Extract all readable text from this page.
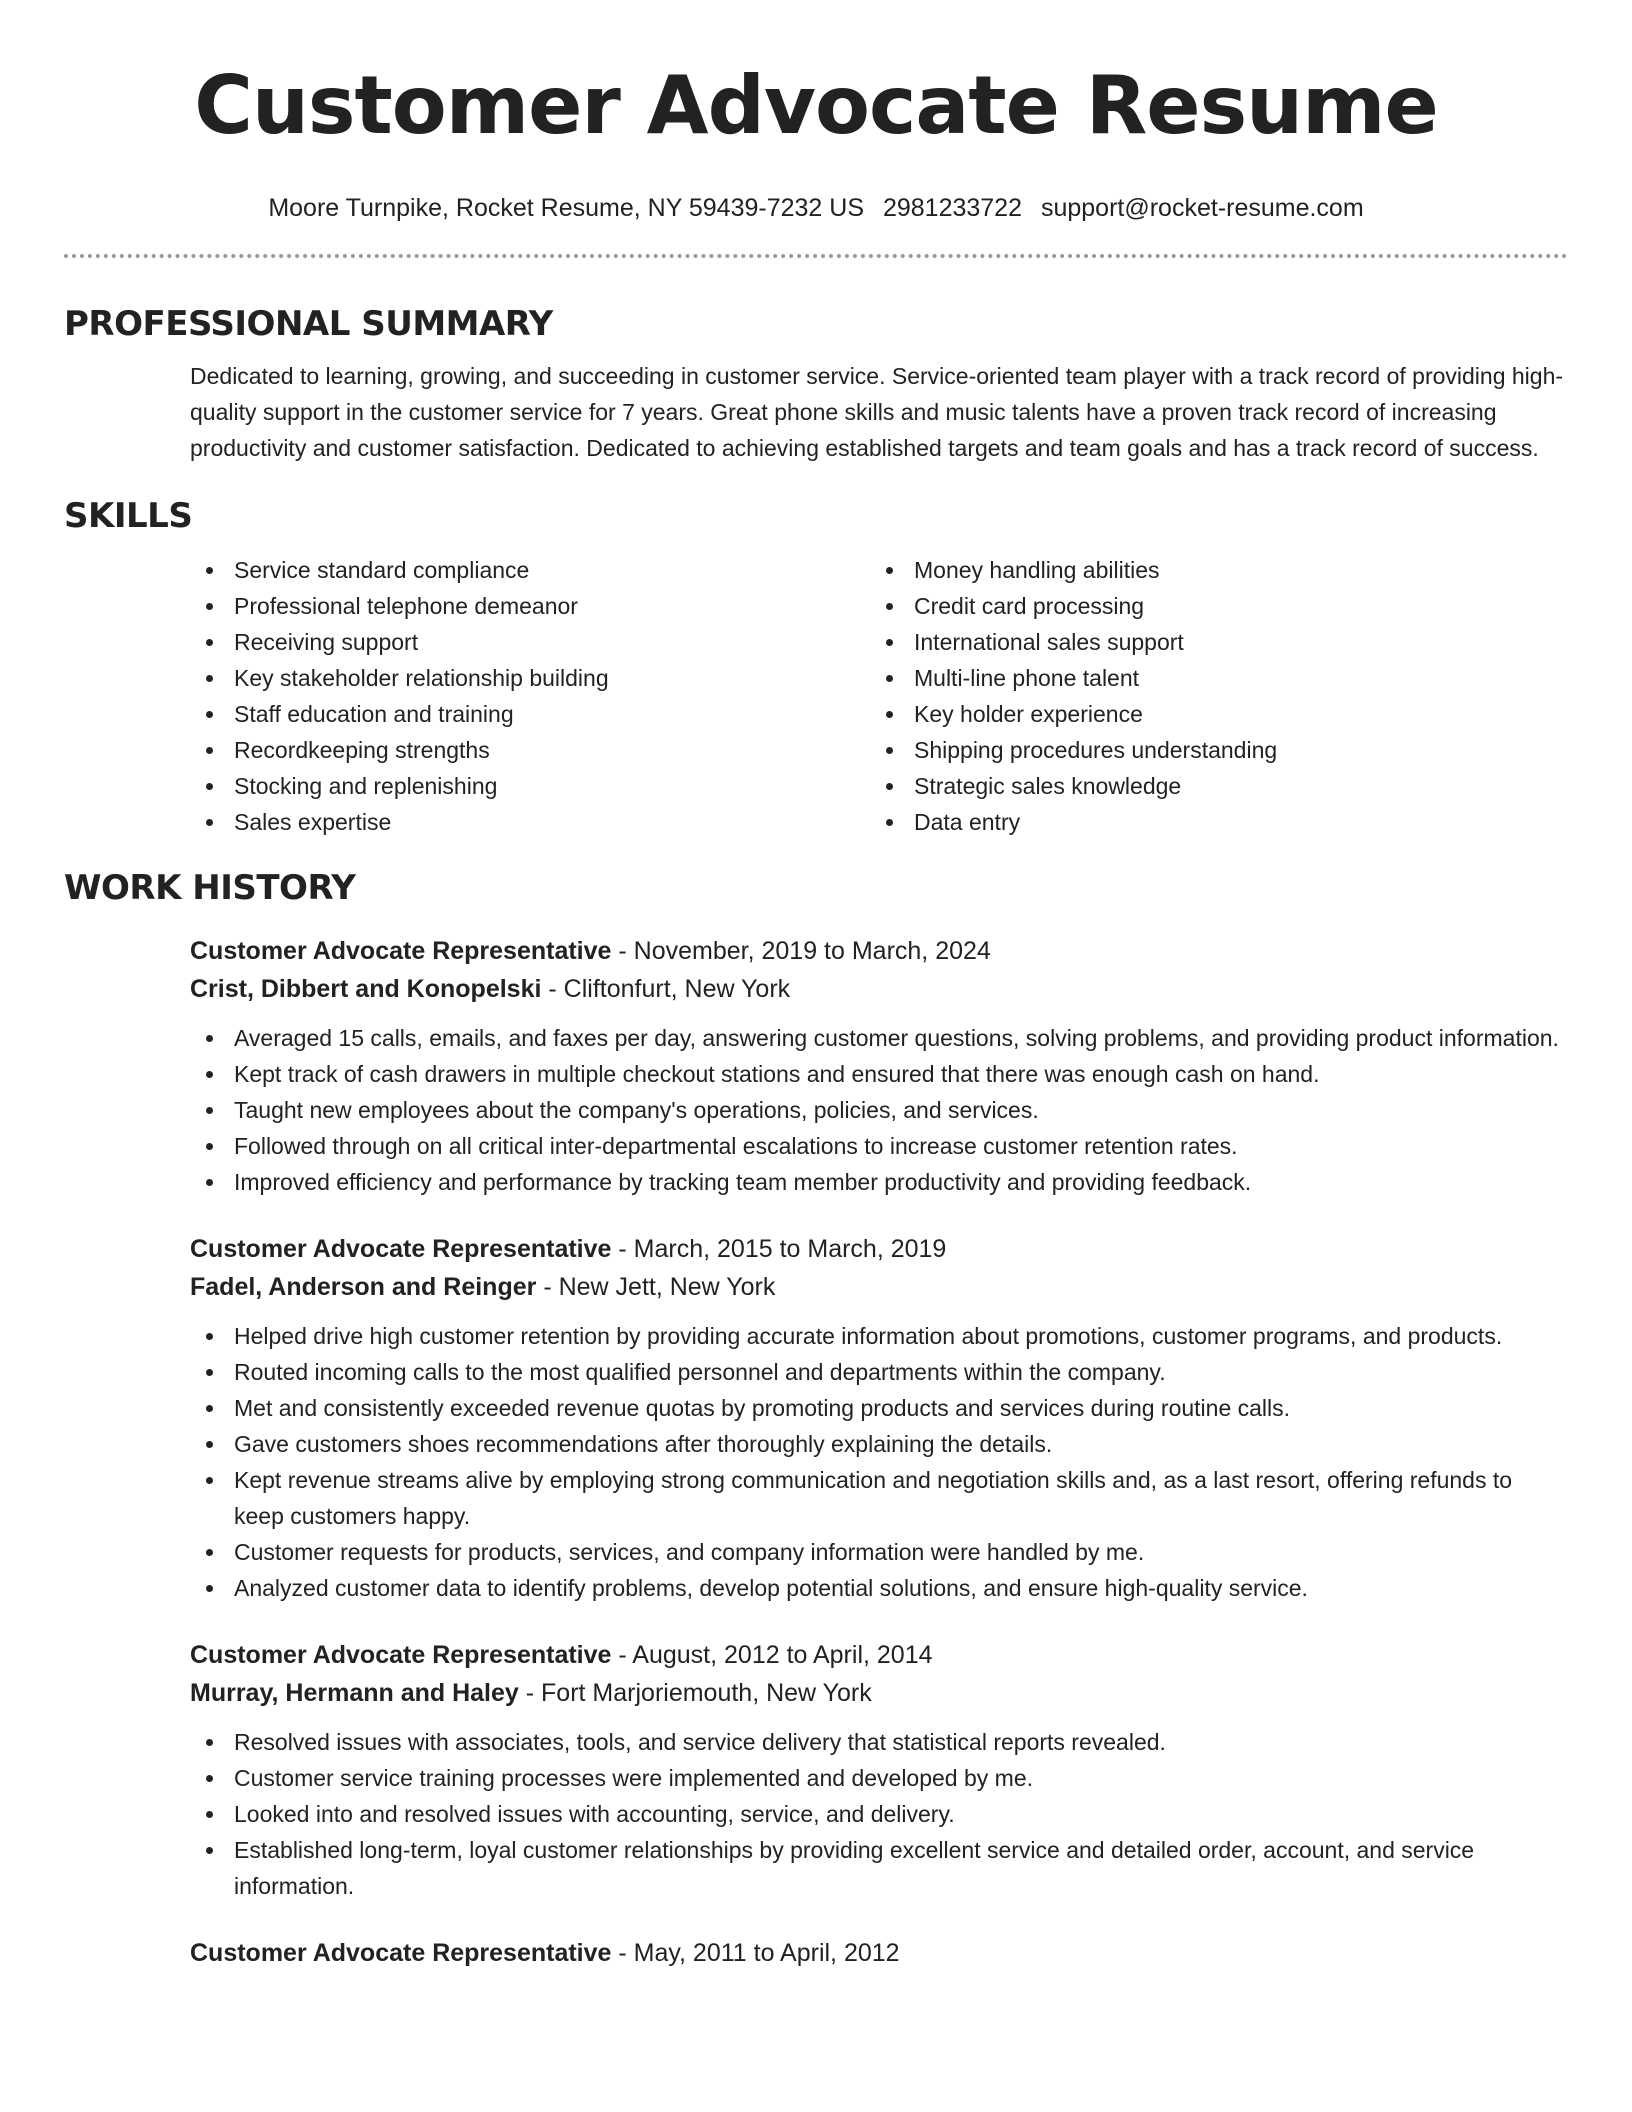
Customer Advocate Resume
Moore Turnpike, Rocket Resume, NY 59439-7232 US 2981233722 support@rocket-resume.com
PROFESSIONAL SUMMARY

Dedicated to learning, growing, and succeeding in customer service. Service-oriented team player with a track record of providing high-quality support in the customer service for 7 years. Great phone skills and music talents have a proven track record of increasing productivity and customer satisfaction. Dedicated to achieving established targets and team goals and has a track record of success.

SKILLS
Service standard compliance
Professional telephone demeanor
Receiving support
Key stakeholder relationship building
Staff education and training
Recordkeeping strengths
Stocking and replenishing
Sales expertise
Money handling abilities
Credit card processing
International sales support
Multi-line phone talent
Key holder experience
Shipping procedures understanding
Strategic sales knowledge
Data entry
WORK HISTORY
Customer Advocate Representative - November, 2019 to March, 2024
Crist, Dibbert and Konopelski - Cliftonfurt, New York
Averaged 15 calls, emails, and faxes per day, answering customer questions, solving problems, and providing product information.
Kept track of cash drawers in multiple checkout stations and ensured that there was enough cash on hand.
Taught new employees about the company's operations, policies, and services.
Followed through on all critical inter-departmental escalations to increase customer retention rates.
Improved efficiency and performance by tracking team member productivity and providing feedback.
Customer Advocate Representative - March, 2015 to March, 2019
Fadel, Anderson and Reinger - New Jett, New York
Helped drive high customer retention by providing accurate information about promotions, customer programs, and products.
Routed incoming calls to the most qualified personnel and departments within the company.
Met and consistently exceeded revenue quotas by promoting products and services during routine calls.
Gave customers shoes recommendations after thoroughly explaining the details.
Kept revenue streams alive by employing strong communication and negotiation skills and, as a last resort, offering refunds to keep customers happy.
Customer requests for products, services, and company information were handled by me.
Analyzed customer data to identify problems, develop potential solutions, and ensure high-quality service.
Customer Advocate Representative - August, 2012 to April, 2014
Murray, Hermann and Haley - Fort Marjoriemouth, New York
Resolved issues with associates, tools, and service delivery that statistical reports revealed.
Customer service training processes were implemented and developed by me.
Looked into and resolved issues with accounting, service, and delivery.
Established long-term, loyal customer relationships by providing excellent service and detailed order, account, and service information.
Customer Advocate Representative - May, 2011 to April, 2012
